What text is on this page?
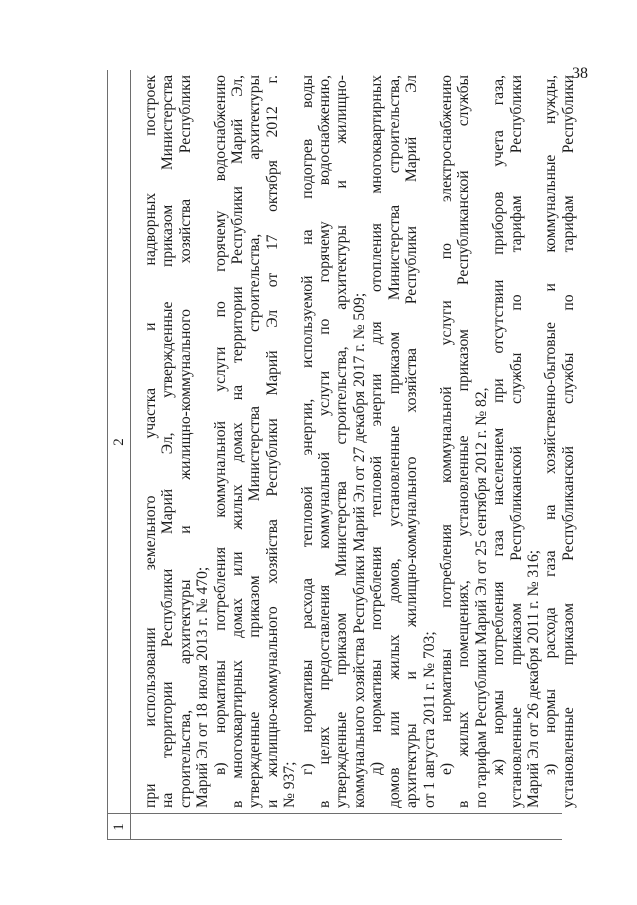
38
1
2 при использовании земельного участка и надворных построек на территории Республики Марий Эл, утвержденные приказом Министерства строительства, архитектуры и жилищно-коммунального хозяйства Республики Марий Эл от 18 июля 2013 г. № 470; в) нормативы потребления коммунальной услуги по горячему водоснабжению в многоквартирных домах или жилых домах на территории Республики Марий Эл, утвержденные приказом Министерства строительства, архитектуры и жилищно-коммунального хозяйства Республики Марий Эл от 17 октября 2012 г. № 937;
г) нормативы расхода тепловой энергии, используемой на подогрев воды в целях предоставления коммунальной услуги по горячему водоснабжению, утвержденные приказом Министерства строительства, архитектуры и жилищно- коммунального хозяйства Республики Марий Эл от 27 декабря 2017 г. № 509; д) нормативы потребления тепловой энергии для отопления многоквартирных домов или жилых домов, установленные приказом Министерства строительства, архитектуры и жилищно-коммунального хозяйства Республики Марий Эл от 1 августа 2011 г. № 703; е) нормативы потребления коммунальной услуги по электроснабжению в жилых помещениях, установленные приказом Республиканской службы по тарифам Республики Марий Эл от 25 сентября 2012 г. № 82, ж) нормы потребления газа населением при отсутствии приборов учета газа, установленные приказом Республиканской службы по тарифам Республики Марий Эл от 26 декабря 2011 г. № 316; з) нормы расхода газа на хозяйственно-бытовые и коммунальные нужды, установленные приказом Республиканской службы по тарифам Республики
